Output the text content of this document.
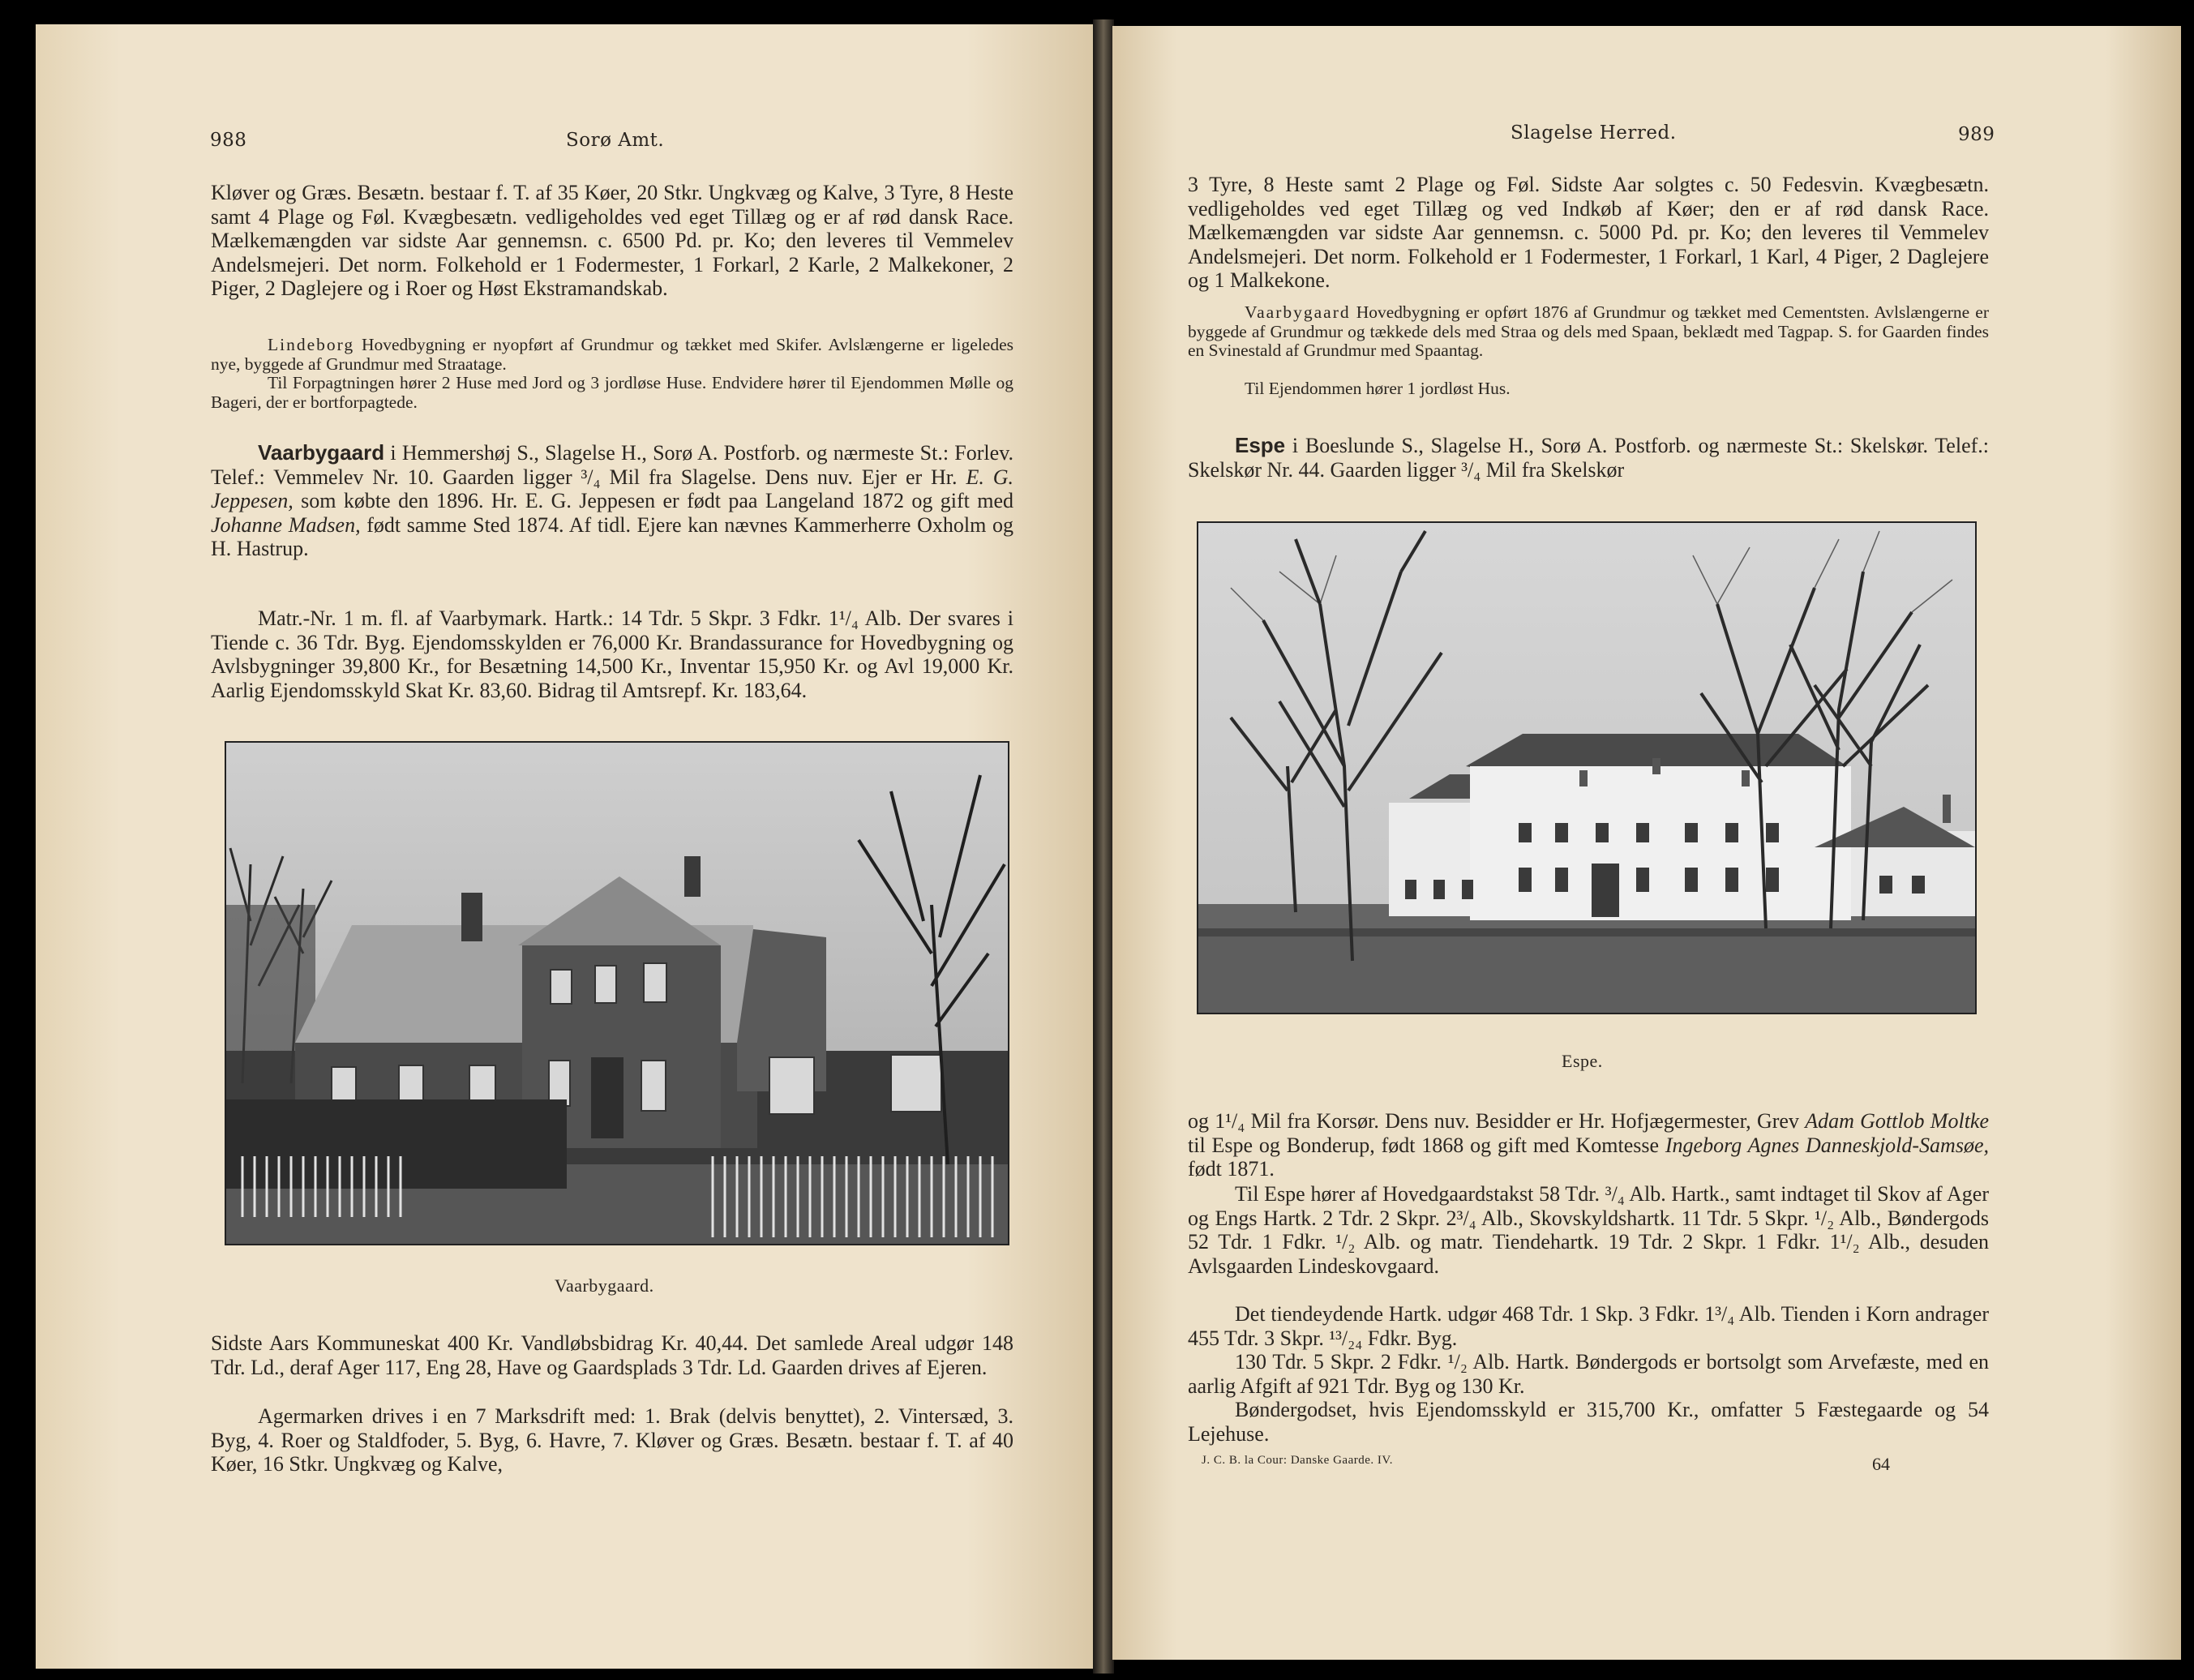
988	Sorø Amt.

Kløver og Græs. Besætn. bestaar f. T. af 35 Køer, 20 Stkr. Ungkvæg og Kalve, 3 Tyre, 8 Heste samt 4 Plage og Føl. Kvægbesætn. vedligeholdes ved eget Tillæg og er af rød dansk Race. Mælkemængden var sidste Aar gennemsn. c. 6500 Pd. pr. Ko; den leveres til Vemmelev Andelsmejeri. Det norm. Folkehold er 1 Fodermester, 1 Forkarl, 2 Karle, 2 Malkekoner, 2 Piger, 2 Daglejere og i Roer og Høst Ekstramandskab.

Lindeborg Hovedbygning er nyopført af Grundmur og tækket med Skifer. Avlslængerne er ligeledes nye, byggede af Grundmur med Straatage.

Til Forpagtningen hører 2 Huse med Jord og 3 jordløse Huse. Endvidere hører til Ejendommen Mølle og Bageri, der er bortforpagtede.

Vaarbygaard i Hemmershøj S., Slagelse H., Sorø A. Postforb. og nærmeste St.: Forlev. Telef.: Vemmelev Nr. 10. Gaarden ligger ³/₄ Mil fra Slagelse. Dens nuv. Ejer er Hr. E. G. Jeppesen, som købte den 1896. Hr. E. G. Jeppesen er født paa Langeland 1872 og gift med Johanne Madsen, født samme Sted 1874. Af tidl. Ejere kan nævnes Kammerherre Oxholm og H. Hastrup.

Matr.-Nr. 1 m. fl. af Vaarbymark. Hartk.: 14 Tdr. 5 Skpr. 3 Fdkr. 1¹/₄ Alb. Der svares i Tiende c. 36 Tdr. Byg. Ejendomsskylden er 76,000 Kr. Brandassurance for Hovedbygning og Avlsbygninger 39,800 Kr., for Besætning 14,500 Kr., Inventar 15,950 Kr. og Avl 19,000 Kr. Aarlig Ejendomsskyld Skat Kr. 83,60. Bidrag til Amtsrepf. Kr. 183,64.

Vaarbygaard.

Sidste Aars Kommuneskat 400 Kr. Vandløbsbidrag Kr. 40,44. Det samlede Areal udgør 148 Tdr. Ld., deraf Ager 117, Eng 28, Have og Gaardsplads 3 Tdr. Ld. Gaarden drives af Ejeren.

Agermarken drives i en 7 Marksdrift med: 1. Brak (delvis benyttet), 2. Vintersæd, 3. Byg, 4. Roer og Staldfoder, 5. Byg, 6. Havre, 7. Kløver og Græs. Besætn. bestaar f. T. af 40 Køer, 16 Stkr. Ungkvæg og Kalve,

Slagelse Herred.	989

3 Tyre, 8 Heste samt 2 Plage og Føl. Sidste Aar solgtes c. 50 Fedesvin. Kvægbesætn. vedligeholdes ved eget Tillæg og ved Indkøb af Køer; den er af rød dansk Race. Mælkemængden var sidste Aar gennemsn. c. 5000 Pd. pr. Ko; den leveres til Vemmelev Andelsmejeri. Det norm. Folkehold er 1 Fodermester, 1 Forkarl, 1 Karl, 4 Piger, 2 Daglejere og 1 Malkekone.

Vaarbygaard Hovedbygning er opført 1876 af Grundmur og tækket med Cementsten. Avlslængerne er byggede af Grundmur og tækkede dels med Straa og dels med Spaan, beklædt med Tagpap. S. for Gaarden findes en Svinestald af Grundmur med Spaantag.

Til Ejendommen hører 1 jordløst Hus.

Espe i Boeslunde S., Slagelse H., Sorø A. Postforb. og nærmeste St.: Skelskør. Telef.: Skelskør Nr. 44. Gaarden ligger ³/₄ Mil fra Skelskør

Espe.

og 1¹/₄ Mil fra Korsør. Dens nuv. Besidder er Hr. Hofjægermester, Grev Adam Gottlob Moltke til Espe og Bonderup, født 1868 og gift med Komtesse Ingeborg Agnes Danneskjold-Samsøe, født 1871.

Til Espe hører af Hovedgaardstakst 58 Tdr. ³/₄ Alb. Hartk., samt indtaget til Skov af Ager og Engs Hartk. 2 Tdr. 2 Skpr. 2³/₄ Alb., Skovskyldshartk. 11 Tdr. 5 Skpr. ¹/₂ Alb., Bøndergods 52 Tdr. 1 Fdkr. ¹/₂ Alb. og matr. Tiendehartk. 19 Tdr. 2 Skpr. 1 Fdkr. 1¹/₂ Alb., desuden Avlsgaarden Lindeskovgaard.

Det tiendeydende Hartk. udgør 468 Tdr. 1 Skp. 3 Fdkr. 1³/₄ Alb. Tienden i Korn andrager 455 Tdr. 3 Skpr. ¹³/₂₄ Fdkr. Byg.

130 Tdr. 5 Skpr. 2 Fdkr. ¹/₂ Alb. Hartk. Bøndergods er bortsolgt som Arvefæste, med en aarlig Afgift af 921 Tdr. Byg og 130 Kr.

Bøndergodset, hvis Ejendomsskyld er 315,700 Kr., omfatter 5 Fæstegaarde og 54 Lejehuse.

J. C. B. la Cour: Danske Gaarde. IV.	64
